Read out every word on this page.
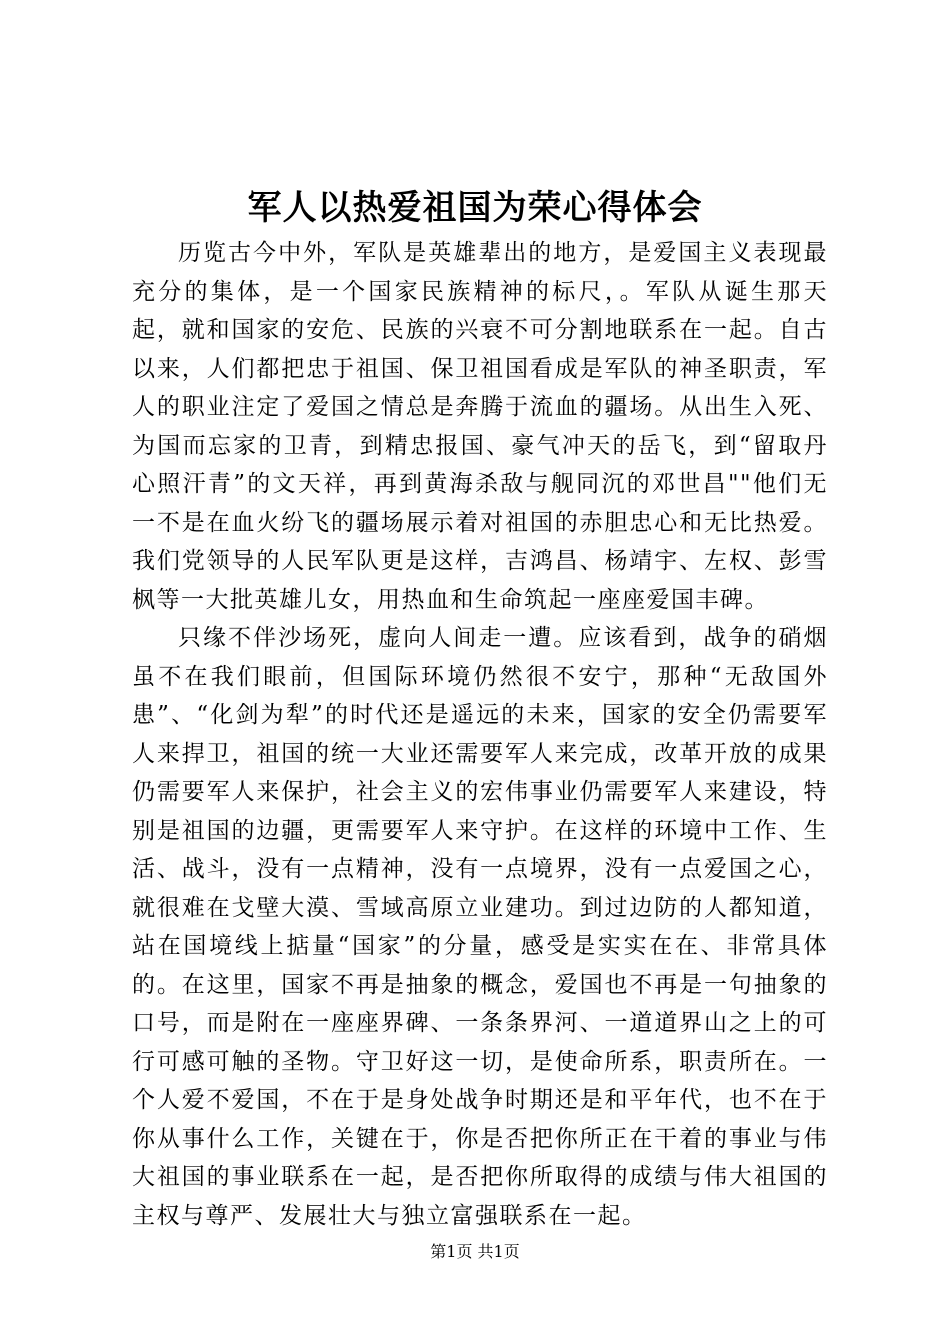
军人以热爱祖国为荣心得体会

历览古今中外，军队是英雄辈出的地方，是爱国主义表现最充分的集体，是一个国家民族精神的标尺，。军队从诞生那天起，就和国家的安危、民族的兴衰不可分割地联系在一起。自古以来，人们都把忠于祖国、保卫祖国看成是军队的神圣职责，军人的职业注定了爱国之情总是奔腾于流血的疆场。从出生入死、为国而忘家的卫青，到精忠报国、豪气冲天的岳飞，到“留取丹心照汗青”的文天祥，再到黄海杀敌与舰同沉的邓世昌""他们无一不是在血火纷飞的疆场展示着对祖国的赤胆忠心和无比热爱。我们党领导的人民军队更是这样，吉鸿昌、杨靖宇、左权、彭雪枫等一大批英雄儿女，用热血和生命筑起一座座爱国丰碑。

只缘不伴沙场死，虚向人间走一遭。应该看到，战争的硝烟虽不在我们眼前，但国际环境仍然很不安宁，那种“无敌国外患”、“化剑为犁”的时代还是遥远的未来，国家的安全仍需要军人来捍卫，祖国的统一大业还需要军人来完成，改革开放的成果仍需要军人来保护，社会主义的宏伟事业仍需要军人来建设，特别是祖国的边疆，更需要军人来守护。在这样的环境中工作、生活、战斗，没有一点精神，没有一点境界，没有一点爱国之心，就很难在戈壁大漠、雪域高原立业建功。到过边防的人都知道，站在国境线上掂量“国家”的分量，感受是实实在在、非常具体的。在这里，国家不再是抽象的概念，爱国也不再是一句抽象的口号，而是附在一座座界碑、一条条界河、一道道界山之上的可行可感可触的圣物。守卫好这一切，是使命所系，职责所在。一个人爱不爱国，不在于是身处战争时期还是和平年代，也不在于你从事什么工作，关键在于，你是否把你所正在干着的事业与伟大祖国的事业联系在一起，是否把你所取得的成绩与伟大祖国的主权与尊严、发展壮大与独立富强联系在一起。

第1页 共1页
